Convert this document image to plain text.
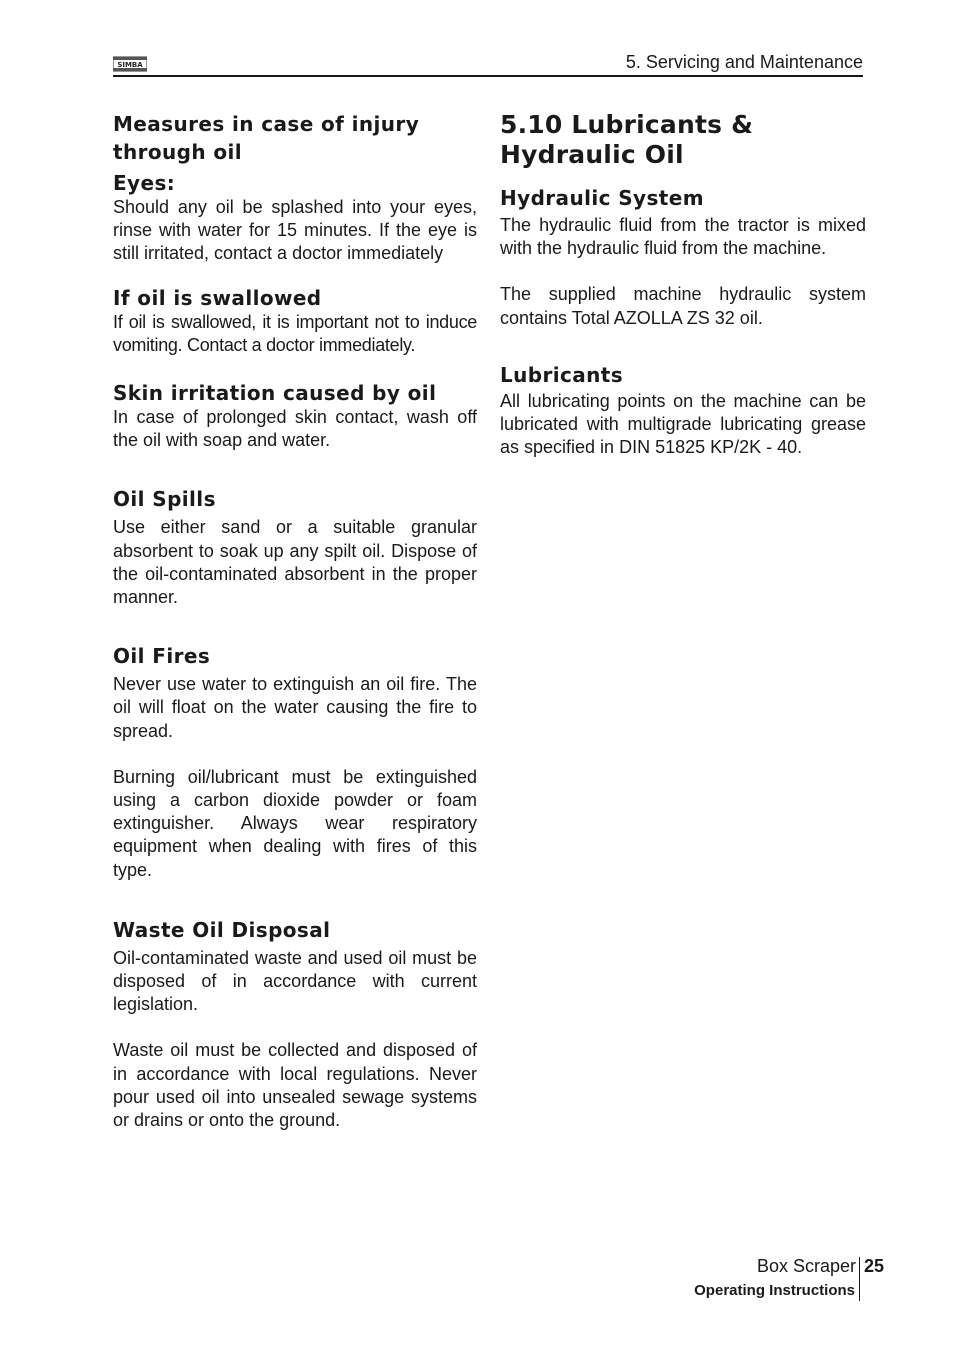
SIMBA	5. Servicing and Maintenance
Measures in case of injury through oil
Eyes:

Should any oil be splashed into your eyes, rinse with water for 15 minutes. If the eye is still irritated, contact a doctor immediately

If oil is swallowed

If oil is swallowed, it is important not to induce vomiting. Contact a doctor immediately.

Skin irritation caused by oil

In case of prolonged skin contact, wash off the oil with soap and water.

Oil Spills

Use either sand or a suitable granular absorbent to soak up any spilt oil. Dispose of the oil-contaminated absorbent in the proper manner.

Oil Fires

Never use water to extinguish an oil fire. The oil will float on the water causing the fire to spread.

Burning oil/lubricant must be extinguished using a carbon dioxide powder or foam extinguisher. Always wear respiratory equipment when dealing with fires of this type.

Waste Oil Disposal

Oil-contaminated waste and used oil must be disposed of in accordance with current legislation.

Waste oil must be collected and disposed of in accordance with local regulations. Never pour used oil into unsealed sewage systems or drains or onto the ground.

5.10 Lubricants & Hydraulic Oil
Hydraulic System

The hydraulic fluid from the tractor is mixed with the hydraulic fluid from the machine.

The supplied machine hydraulic system contains Total AZOLLA ZS 32 oil.

Lubricants

All lubricating points on the machine can be lubricated with multigrade lubricating grease as specified in DIN 51825 KP/2K - 40.

Box Scraper
Operating Instructions
25
